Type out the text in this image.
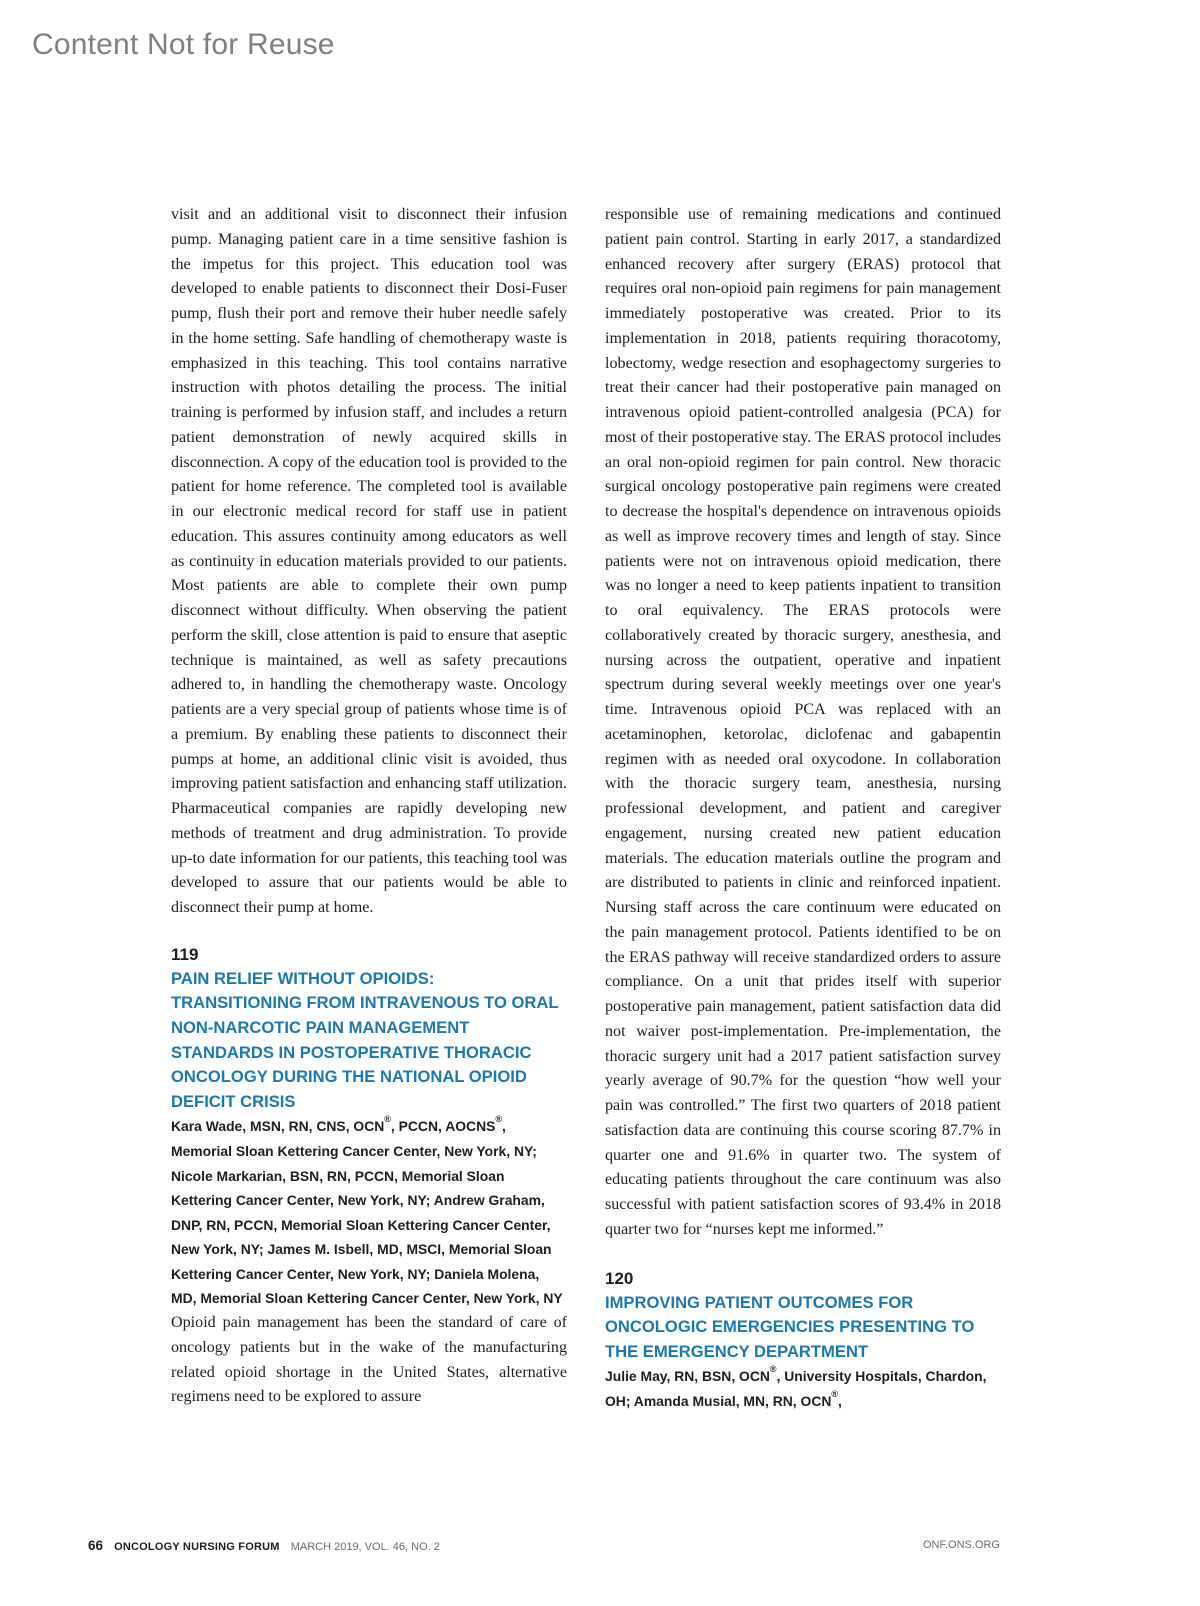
Content Not for Reuse

visit and an additional visit to disconnect their infusion pump. Managing patient care in a time sensitive fashion is the impetus for this project. This education tool was developed to enable patients to disconnect their Dosi-Fuser pump, flush their port and remove their huber needle safely in the home setting. Safe handling of chemotherapy waste is emphasized in this teaching. This tool contains narrative instruction with photos detailing the process. The initial training is performed by infusion staff, and includes a return patient demonstration of newly acquired skills in disconnection. A copy of the education tool is provided to the patient for home reference. The completed tool is available in our electronic medical record for staff use in patient education. This assures continuity among educators as well as continuity in education materials provided to our patients. Most patients are able to complete their own pump disconnect without difficulty. When observing the patient perform the skill, close attention is paid to ensure that aseptic technique is maintained, as well as safety precautions adhered to, in handling the chemotherapy waste. Oncology patients are a very special group of patients whose time is of a premium. By enabling these patients to disconnect their pumps at home, an additional clinic visit is avoided, thus improving patient satisfaction and enhancing staff utilization. Pharmaceutical companies are rapidly developing new methods of treatment and drug administration. To provide up-to date information for our patients, this teaching tool was developed to assure that our patients would be able to disconnect their pump at home.

119
PAIN RELIEF WITHOUT OPIOIDS: TRANSITIONING FROM INTRAVENOUS TO ORAL NON-NARCOTIC PAIN MANAGEMENT STANDARDS IN POSTOPERATIVE THORACIC ONCOLOGY DURING THE NATIONAL OPIOID DEFICIT CRISIS
Kara Wade, MSN, RN, CNS, OCN®, PCCN, AOCNS®, Memorial Sloan Kettering Cancer Center, New York, NY; Nicole Markarian, BSN, RN, PCCN, Memorial Sloan Kettering Cancer Center, New York, NY; Andrew Graham, DNP, RN, PCCN, Memorial Sloan Kettering Cancer Center, New York, NY; James M. Isbell, MD, MSCI, Memorial Sloan Kettering Cancer Center, New York, NY; Daniela Molena, MD, Memorial Sloan Kettering Cancer Center, New York, NY

Opioid pain management has been the standard of care of oncology patients but in the wake of the manufacturing related opioid shortage in the United States, alternative regimens need to be explored to assure

responsible use of remaining medications and continued patient pain control. Starting in early 2017, a standardized enhanced recovery after surgery (ERAS) protocol that requires oral non-opioid pain regimens for pain management immediately postoperative was created. Prior to its implementation in 2018, patients requiring thoracotomy, lobectomy, wedge resection and esophagectomy surgeries to treat their cancer had their postoperative pain managed on intravenous opioid patient-controlled analgesia (PCA) for most of their postoperative stay. The ERAS protocol includes an oral non-opioid regimen for pain control. New thoracic surgical oncology postoperative pain regimens were created to decrease the hospital's dependence on intravenous opioids as well as improve recovery times and length of stay. Since patients were not on intravenous opioid medication, there was no longer a need to keep patients inpatient to transition to oral equivalency. The ERAS protocols were collaboratively created by thoracic surgery, anesthesia, and nursing across the outpatient, operative and inpatient spectrum during several weekly meetings over one year's time. Intravenous opioid PCA was replaced with an acetaminophen, ketorolac, diclofenac and gabapentin regimen with as needed oral oxycodone. In collaboration with the thoracic surgery team, anesthesia, nursing professional development, and patient and caregiver engagement, nursing created new patient education materials. The education materials outline the program and are distributed to patients in clinic and reinforced inpatient. Nursing staff across the care continuum were educated on the pain management protocol. Patients identified to be on the ERAS pathway will receive standardized orders to assure compliance. On a unit that prides itself with superior postoperative pain management, patient satisfaction data did not waiver post-implementation. Pre-implementation, the thoracic surgery unit had a 2017 patient satisfaction survey yearly average of 90.7% for the question “how well your pain was controlled.” The first two quarters of 2018 patient satisfaction data are continuing this course scoring 87.7% in quarter one and 91.6% in quarter two. The system of educating patients throughout the care continuum was also successful with patient satisfaction scores of 93.4% in 2018 quarter two for “nurses kept me informed.”

120
IMPROVING PATIENT OUTCOMES FOR ONCOLOGIC EMERGENCIES PRESENTING TO THE EMERGENCY DEPARTMENT
Julie May, RN, BSN, OCN®, University Hospitals, Chardon, OH; Amanda Musial, MN, RN, OCN®,
66 ONCOLOGY NURSING FORUM MARCH 2019, VOL. 46, NO. 2	ONF.ONS.ORG
